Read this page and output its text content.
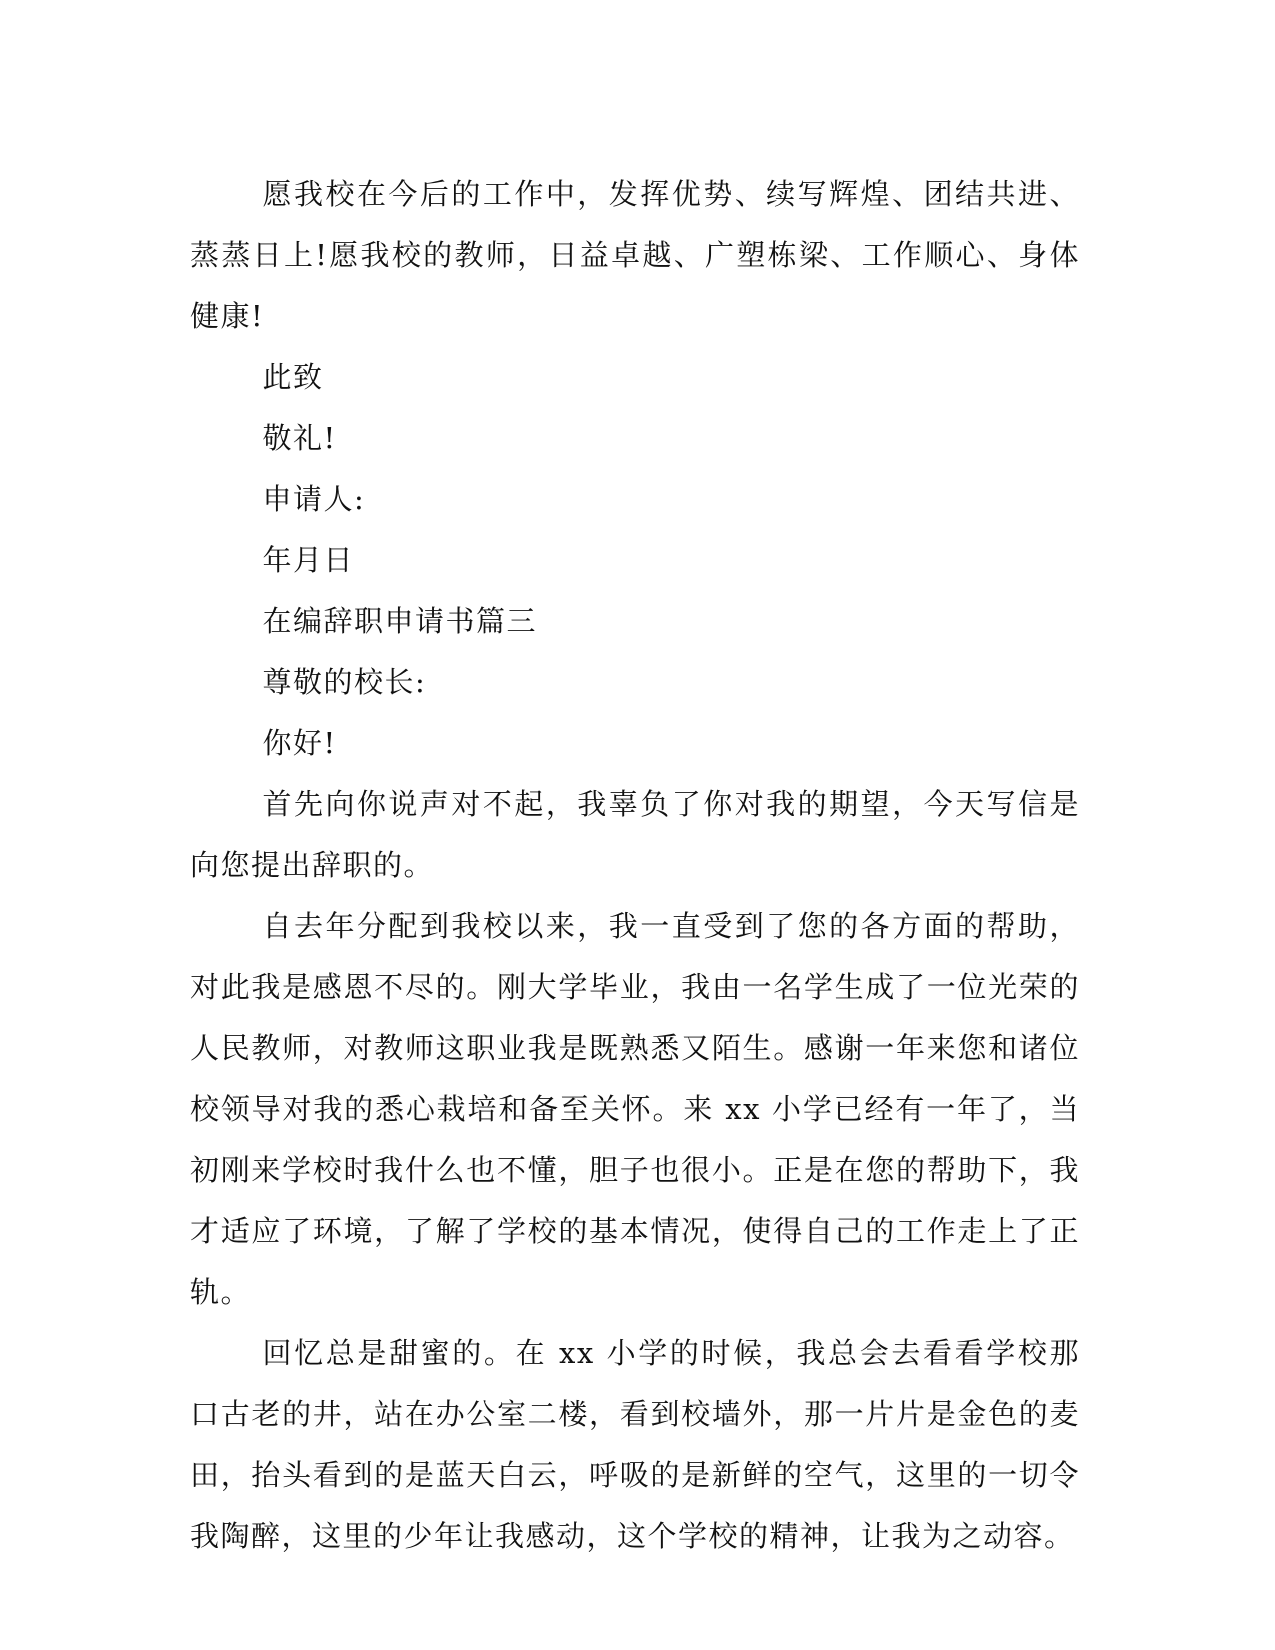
愿我校在今后的工作中，发挥优势、续写辉煌、团结共进、蒸蒸日上!愿我校的教师，日益卓越、广塑栋梁、工作顺心、身体健康!

此致

敬礼!

申请人:

年月日

在编辞职申请书篇三

尊敬的校长:

你好!

首先向你说声对不起，我辜负了你对我的期望，今天写信是向您提出辞职的。

自去年分配到我校以来，我一直受到了您的各方面的帮助，对此我是感恩不尽的。刚大学毕业，我由一名学生成了一位光荣的人民教师，对教师这职业我是既熟悉又陌生。感谢一年来您和诸位校领导对我的悉心栽培和备至关怀。来 xx 小学已经有一年了，当初刚来学校时我什么也不懂，胆子也很小。正是在您的帮助下，我才适应了环境，了解了学校的基本情况，使得自己的工作走上了正轨。

回忆总是甜蜜的。在 xx 小学的时候，我总会去看看学校那口古老的井，站在办公室二楼，看到校墙外，那一片片是金色的麦田，抬头看到的是蓝天白云，呼吸的是新鲜的空气，这里的一切令我陶醉，这里的少年让我感动，这个学校的精神，让我为之动容。
